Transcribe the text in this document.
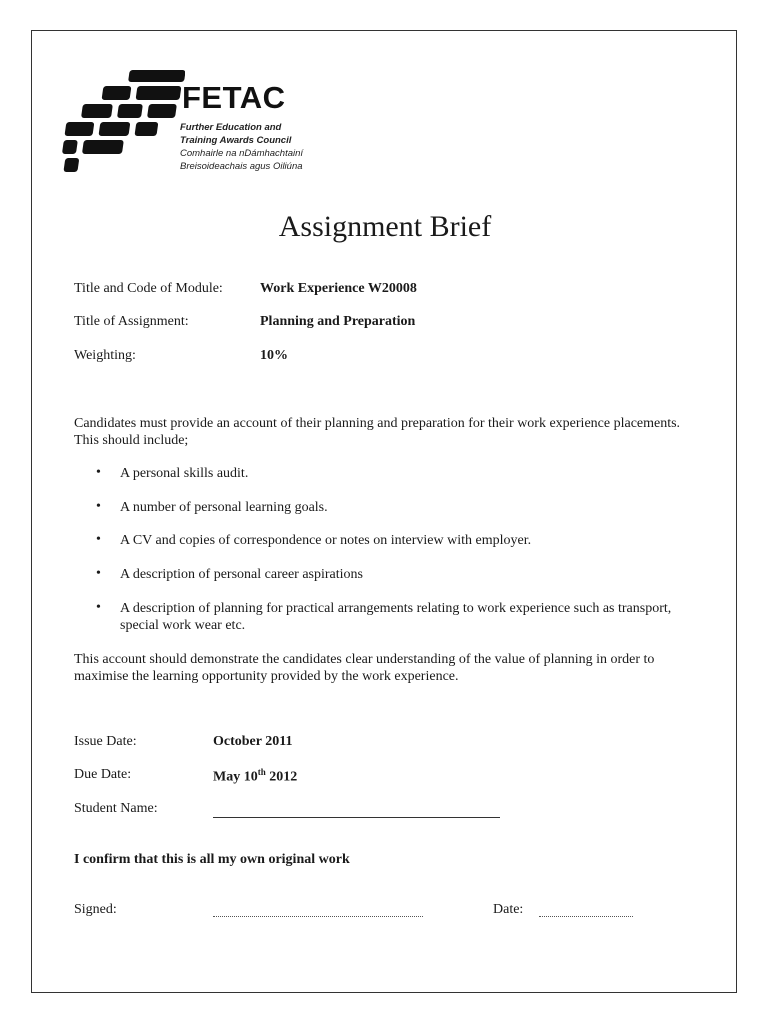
FETAC
Further Education and
Training Awards Council
Comhairle na nDámhachtainí
Breisoideachais agus Oiliúna
Assignment Brief
Title and Code of Module:	Work Experience W20008
Title of Assignment:	Planning and Preparation
Weighting:	10%
Candidates must provide an account of their planning and preparation for their work experience placements. This should include;
• A personal skills audit.
• A number of personal learning goals.
• A CV and copies of correspondence or notes on interview with employer.
• A description of personal career aspirations
• A description of planning for practical arrangements relating to work experience such as transport, special work wear etc.
This account should demonstrate the candidates clear understanding of the value of planning in order to maximise the learning opportunity provided by the work experience.
Issue Date:	October 2011
Due Date:	May 10th 2012
Student Name:
I confirm that this is all my own original work
Signed:	Date:
